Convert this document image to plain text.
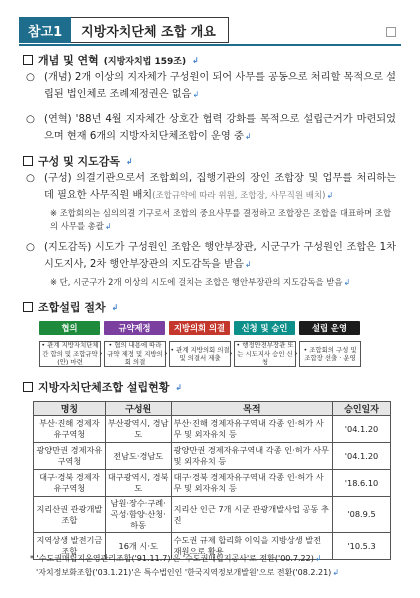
참고1	지방자치단체 조합 개요
개념 및 연혁 (지방자치법 159조) ↲
○ (개념) 2개 이상의 지자체가 구성원이 되어 사무를 공동으로 처리할 목적으로 설립된 법인체로 조례제정권은 없음↲
○ (연혁) '88년 4월 지자체간 상호간 협력 강화를 목적으로 설립근거가 마련되었으며 현재 6개의 지방자치단체조합이 운영 중↲
구성 및 지도감독 ↲
○ (구성) 의결기관으로서 조합회의, 집행기관의 장인 조합장 및 업무를 처리하는 데 필요한 사무직원 배치(조합규약에 따라 위원, 조합장, 사무직원 배치)↲
※ 조합회의는 심의의결 기구로서 조합의 중요사무를 결정하고 조합장은 조합을 대표하며 조합의 사무를 총괄↲
○ (지도감독) 시도가 구성원인 조합은 행안부장관, 시군구가 구성원인 조합은 1차 시도지사, 2차 행안부장관의 지도감독을 받음↲
※ 단, 시군구가 2개 이상의 시도에 걸치는 조합은 행안부장관의 지도감독을 받음↲
조합설립 절차 ↲
협의
• 관계 지방자치단체 간 합의 및 조합규약(안) 마련
›
규약제정
• 협의 내용에 따라 규약 제정 및 지방의회 의결
›
지방의회 의결
• 관계 지방의회 의결 및 의결서 제출 ›
신청 및 승인
• 행정안전부장관 또는 시도지사 승인 신청
›
설립 운영
• 조합회의 구성 및 조합장 선출 · 운영
지방자치단체조합 설립현황 ↲
명칭	구성원	목적	승인일자
부산·진해 경제자유구역청	부산광역시, 경남도	부산·진해 경제자유구역내 각종 인·허가 사무 및 외자유치 등	'04.1.20
광양만권 경제자유구역청	전남도·경남도	광양만권 경제자유구역내 각종 인·허가 사무 및 외자유치 등	'04.1.20
대구·경북 경제자유구역청	대구광역시, 경북도	대구·경북 경제자유구역내 각종 인·허가 사무 및 외자유치 등	'18.6.10
지리산권 관광개발조합	남원·장수·구례·곡성·함양·산청·하동	지리산 인근 7개 시군 관광개발사업 공동 추진	'08.9.5
지역상생 발전기금조합	16개 시·도	수도권 규제 합리화 이익을 지방상생 발전 재원으로 활용	'10.5.3
* '수도권매립지운영관리조합('91.11.7)'은 '수도권매립지공사'로 전환('00.7.22)↲
'자치정보화조합('03.1.21)'은 특수법인인 '한국지역정보개발원'으로 전환('08.2.21)↲
